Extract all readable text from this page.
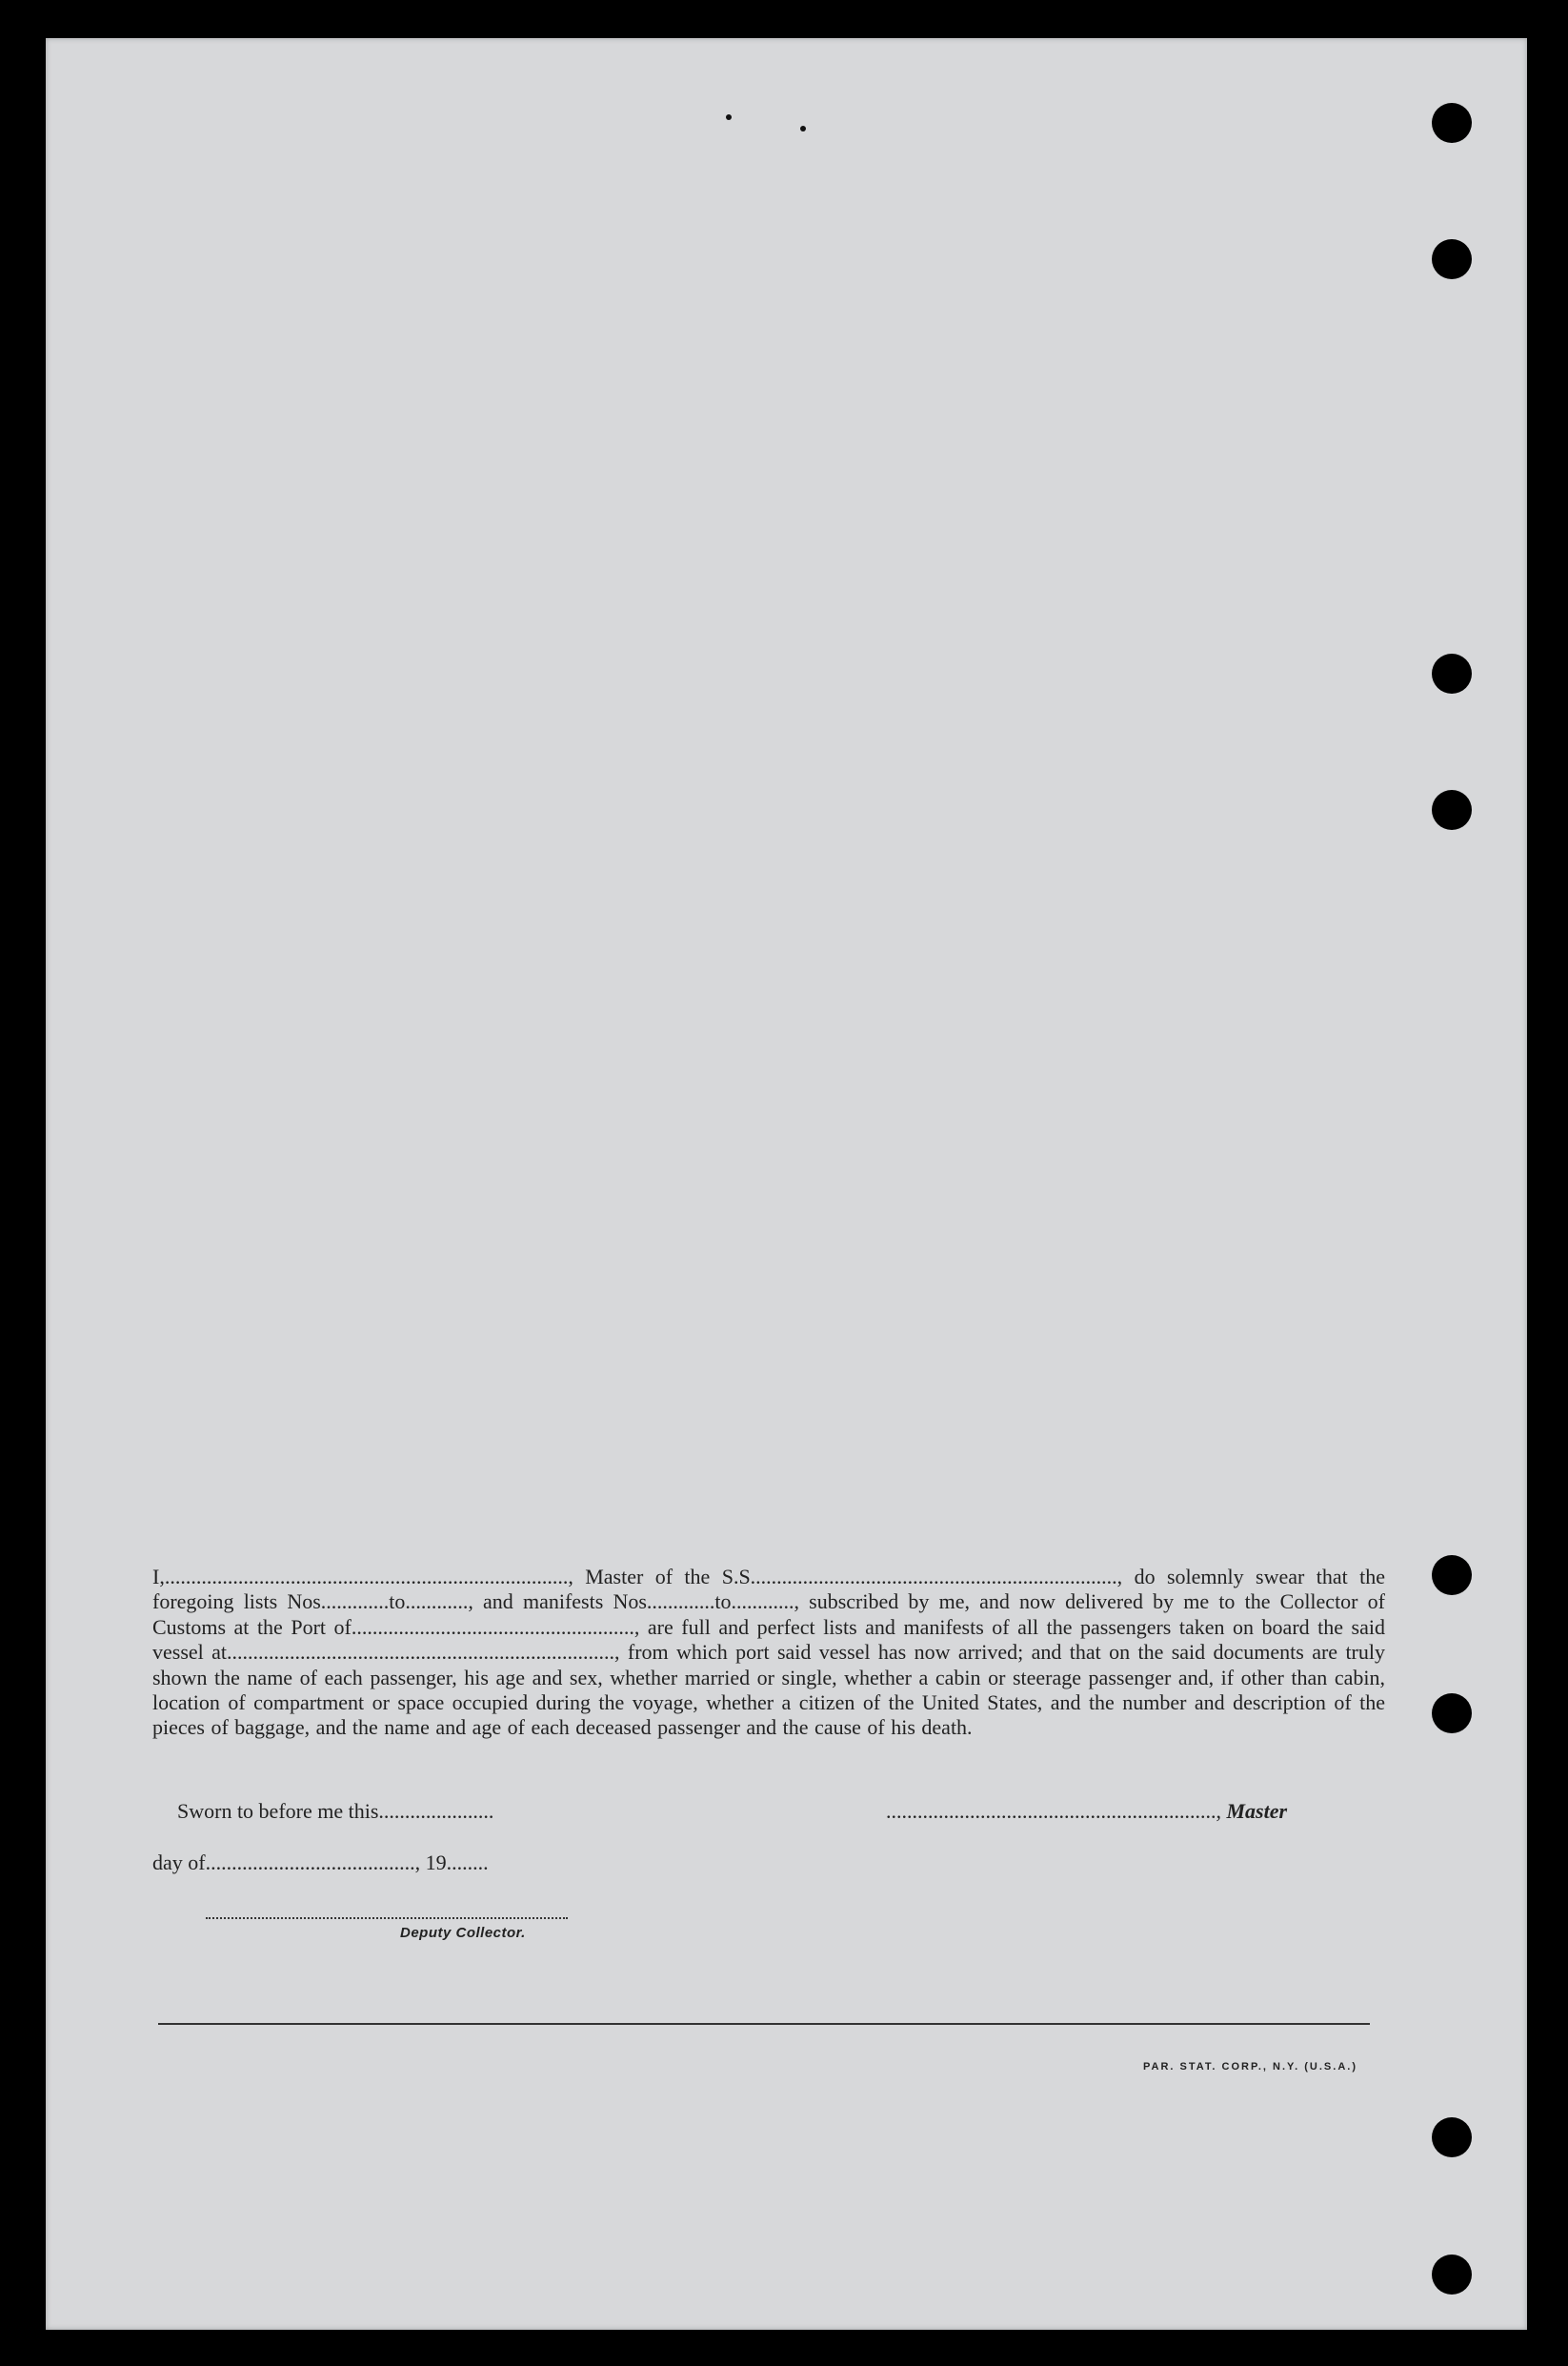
I,............................................................................., Master of the S.S......................................................................, do solemnly swear that the foregoing lists Nos.............to............, and manifests Nos.............to............, subscribed by me, and now delivered by me to the Collector of Customs at the Port of......................................................, are full and perfect lists and manifests of all the passengers taken on board the said vessel at.........................................................................., from which port said vessel has now arrived; and that on the said documents are truly shown the name of each passenger, his age and sex, whether married or single, whether a cabin or steerage passenger and, if other than cabin, location of compartment or space occupied during the voyage, whether a citizen of the United States, and the number and description of the pieces of baggage, and the name and age of each deceased passenger and the cause of his death.
Sworn to before me this......................	..............................................................., Master
day of........................................, 19........
Deputy Collector.
PAR. STAT. CORP., N.Y. (U.S.A.)
